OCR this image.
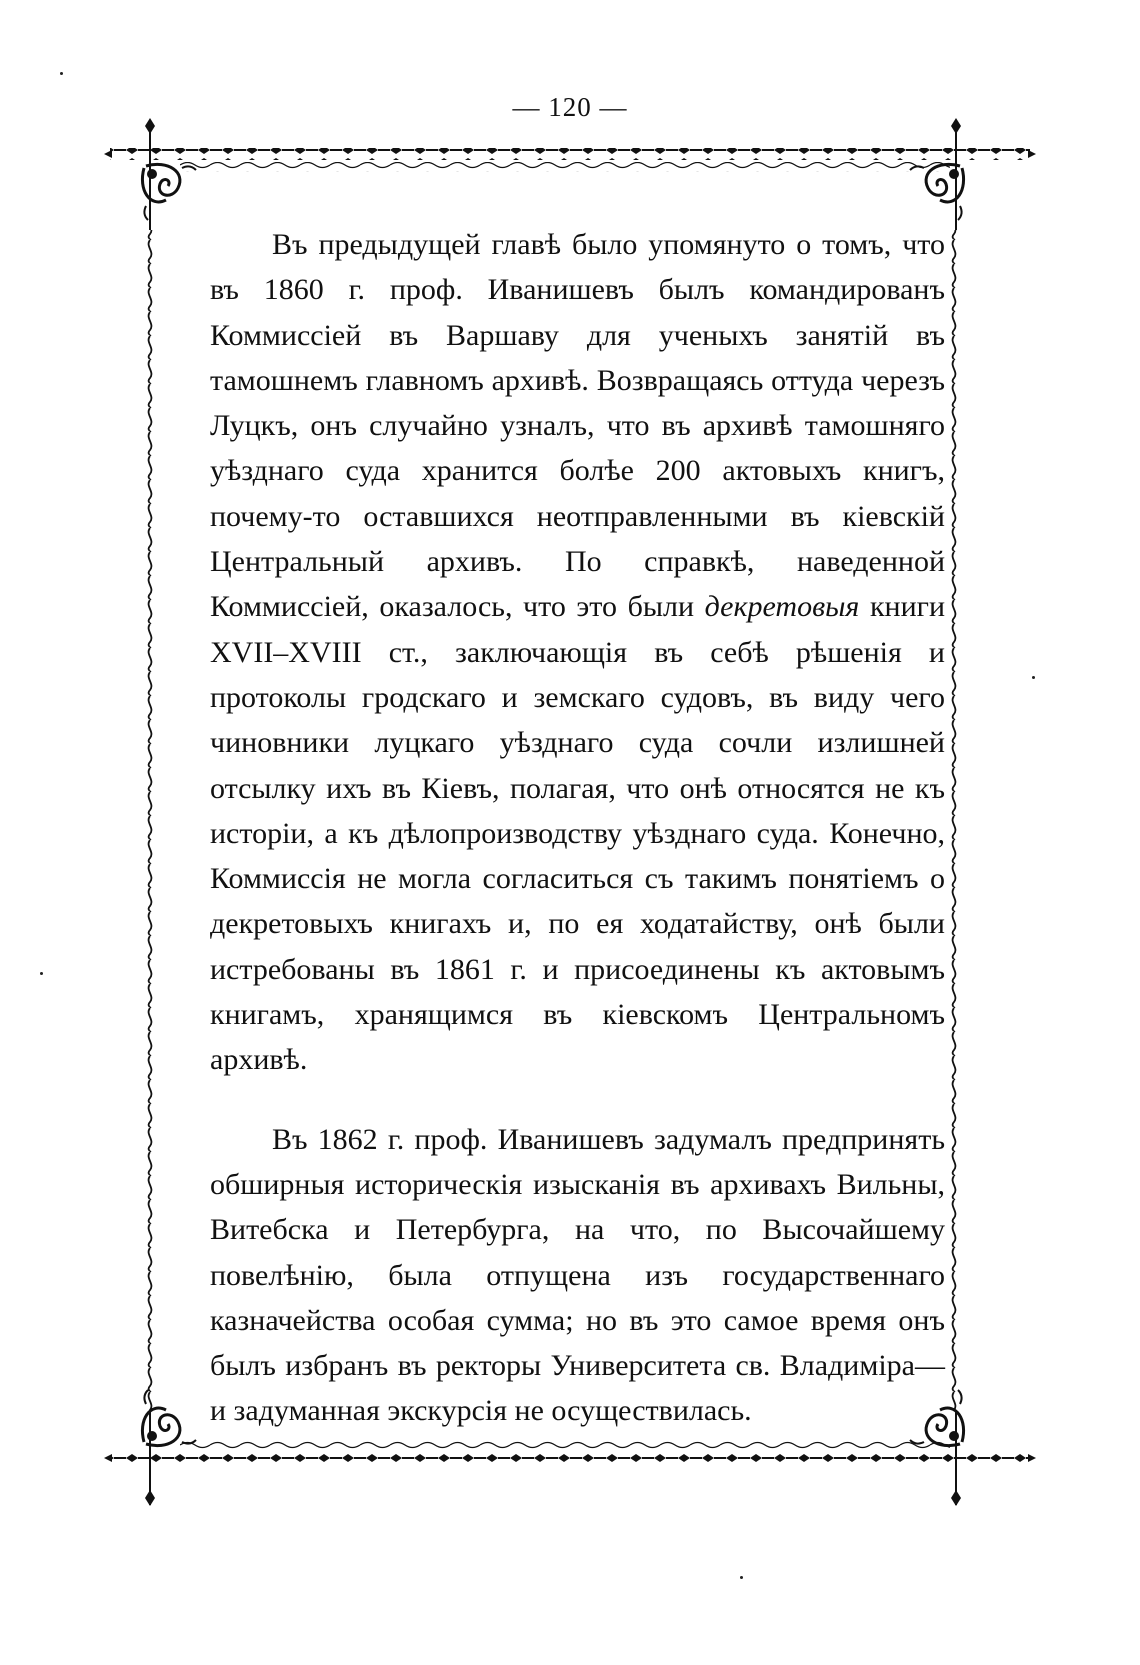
— 120 —

Въ предыдущей главѣ было упомянуто о томъ, что въ 1860 г. проф. Иванишевъ былъ командированъ Коммиссіей въ Варшаву для ученыхъ занятій въ тамошнемъ главномъ архивѣ. Возвращаясь оттуда черезъ Луцкъ, онъ случайно узналъ, что въ архивѣ тамошняго уѣзднаго суда хранится болѣе 200 актовыхъ книгъ, почему-то оставшихся неотправленными въ кіевскій Центральный архивъ. По справкѣ, наведенной Коммиссіей, оказалось, что это были декретовыя книги XVII–XVIII ст., заключающія въ себѣ рѣшенія и протоколы гродскаго и земскаго судовъ, въ виду чего чиновники луцкаго уѣзднаго суда сочли излишней отсылку ихъ въ Кіевъ, полагая, что онѣ относятся не къ исторіи, а къ дѣлопроизводству уѣзднаго суда. Конечно, Коммиссія не могла согласиться съ такимъ понятіемъ о декретовыхъ книгахъ и, по ея ходатайству, онѣ были истребованы въ 1861 г. и присоединены къ актовымъ книгамъ, хранящимся въ кіевскомъ Центральномъ архивѣ.

Въ 1862 г. проф. Иванишевъ задумалъ предпринять обширныя историческія изысканія въ архивахъ Вильны, Витебска и Петербурга, на что, по Высочайшему повелѣнію, была отпущена изъ государственнаго казначейства особая сумма; но въ это самое время онъ былъ избранъ въ ректоры Университета св. Владиміра— и задуманная экскурсія не осуществилась.
